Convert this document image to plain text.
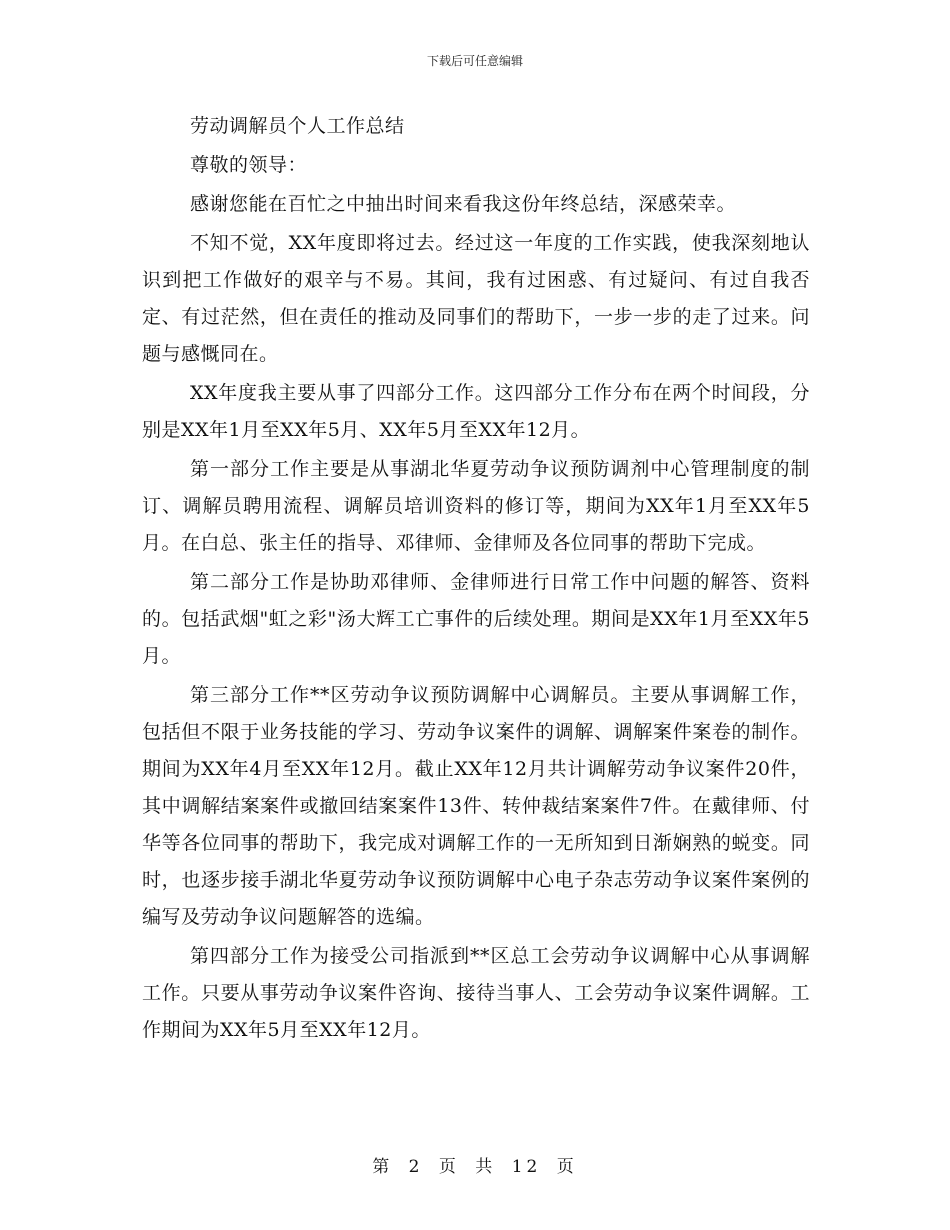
下载后可任意编辑

劳动调解员个人工作总结

尊敬的领导：

感谢您能在百忙之中抽出时间来看我这份年终总结，深感荣幸。

不知不觉，XX年度即将过去。经过这一年度的工作实践，使我深刻地认识到把工作做好的艰辛与不易。其间，我有过困惑、有过疑问、有过自我否定、有过茫然，但在责任的推动及同事们的帮助下，一步一步的走了过来。问题与感慨同在。

XX年度我主要从事了四部分工作。这四部分工作分布在两个时间段，分别是XX年1月至XX年5月、XX年5月至XX年12月。

第一部分工作主要是从事湖北华夏劳动争议预防调剂中心管理制度的制订、调解员聘用流程、调解员培训资料的修订等，期间为XX年1月至XX年5月。在白总、张主任的指导、邓律师、金律师及各位同事的帮助下完成。

第二部分工作是协助邓律师、金律师进行日常工作中问题的解答、资料的。包括武烟"虹之彩"汤大辉工亡事件的后续处理。期间是XX年1月至XX年5月。

第三部分工作**区劳动争议预防调解中心调解员。主要从事调解工作，包括但不限于业务技能的学习、劳动争议案件的调解、调解案件案卷的制作。期间为XX年4月至XX年12月。截止XX年12月共计调解劳动争议案件20件，其中调解结案案件或撤回结案案件13件、转仲裁结案案件7件。在戴律师、付华等各位同事的帮助下，我完成对调解工作的一无所知到日渐娴熟的蜕变。同时，也逐步接手湖北华夏劳动争议预防调解中心电子杂志劳动争议案件案例的编写及劳动争议问题解答的选编。

第四部分工作为接受公司指派到**区总工会劳动争议调解中心从事调解工作。只要从事劳动争议案件咨询、接待当事人、工会劳动争议案件调解。工作期间为XX年5月至XX年12月。

第 2 页 共 12 页
